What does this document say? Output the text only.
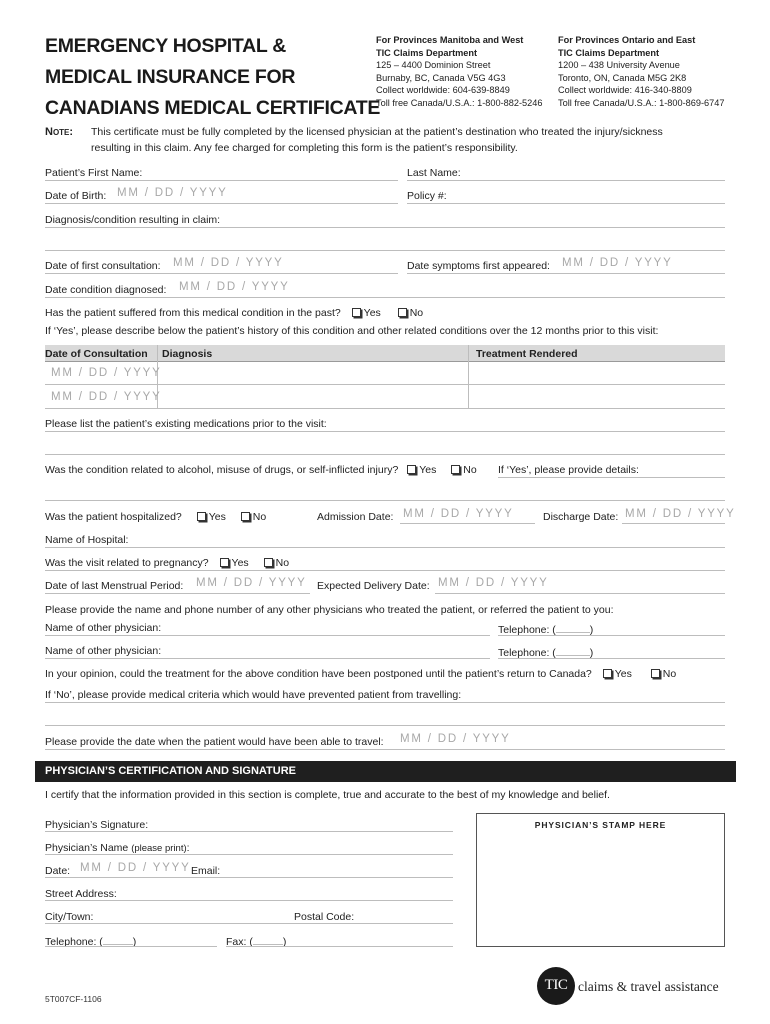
EMERGENCY HOSPITAL &
MEDICAL INSURANCE FOR
CANADIANS MEDICAL CERTIFICATE
For Provinces Manitoba and West
TIC Claims Department
125 – 4400 Dominion Street
Burnaby, BC, Canada V5G 4G3
Collect worldwide: 604-639-8849
Toll free Canada/U.S.A.: 1-800-882-5246
For Provinces Ontario and East
TIC Claims Department
1200 – 438 University Avenue
Toronto, ON, Canada M5G 2K8
Collect worldwide: 416-340-8809
Toll free Canada/U.S.A.: 1-800-869-6747
Note: This certificate must be fully completed by the licensed physician at the patient’s destination who treated the injury/sickness
resulting in this claim. Any fee charged for completing this form is the patient’s responsibility.
Patient’s First Name:	Last Name:
Date of Birth: MM / DD / YYYY	Policy #:
Diagnosis/condition resulting in claim:
Date of first consultation: MM / DD / YYYY	Date symptoms first appeared: MM / DD / YYYY
Date condition diagnosed: MM / DD / YYYY
Has the patient suffered from this medical condition in the past? Yes	No
If ‘Yes’, please describe below the patient’s history of this condition and other related conditions over the 12 months prior to this visit:
Date of Consultation Diagnosis	Treatment Rendered
MM / DD / YYYY
MM / DD / YYYY
Please list the patient’s existing medications prior to the visit:
Was the condition related to alcohol, misuse of drugs, or self-inflicted injury? Yes	No If ‘Yes’, please provide details:
Was the patient hospitalized?	Yes	No	Admission Date: MM / DD / YYYY	Discharge Date: MM / DD / YYYY
Name of Hospital:
Was the visit related to pregnancy? Yes	No
Date of last Menstrual Period: MM / DD / YYYY Expected Delivery Date: MM / DD / YYYY
Please provide the name and phone number of any other physicians who treated the patient, or referred the patient to you:
Name of other physician:	Telephone: (	)
Name of other physician:	Telephone: (	)
In your opinion, could the treatment for the above condition have been postponed until the patient’s return to Canada? Yes	No
If ‘No’, please provide medical criteria which would have prevented patient from travelling:
Please provide the date when the patient would have been able to travel: MM / DD / YYYY
PHYSICIAN’S CERTIFICATION AND SIGNATURE
I certify that the information provided in this section is complete, true and accurate to the best of my knowledge and belief.
Physician’s Signature:
Physician’s Name (please print):
Date: MM / DD / YYYY Email:
Street Address:
City/Town:	Postal Code:
Telephone: (	)	Fax: (	)
PHYSICIAN’S STAMP HERE
5T007CF-1106
TIC claims & travel assistance
